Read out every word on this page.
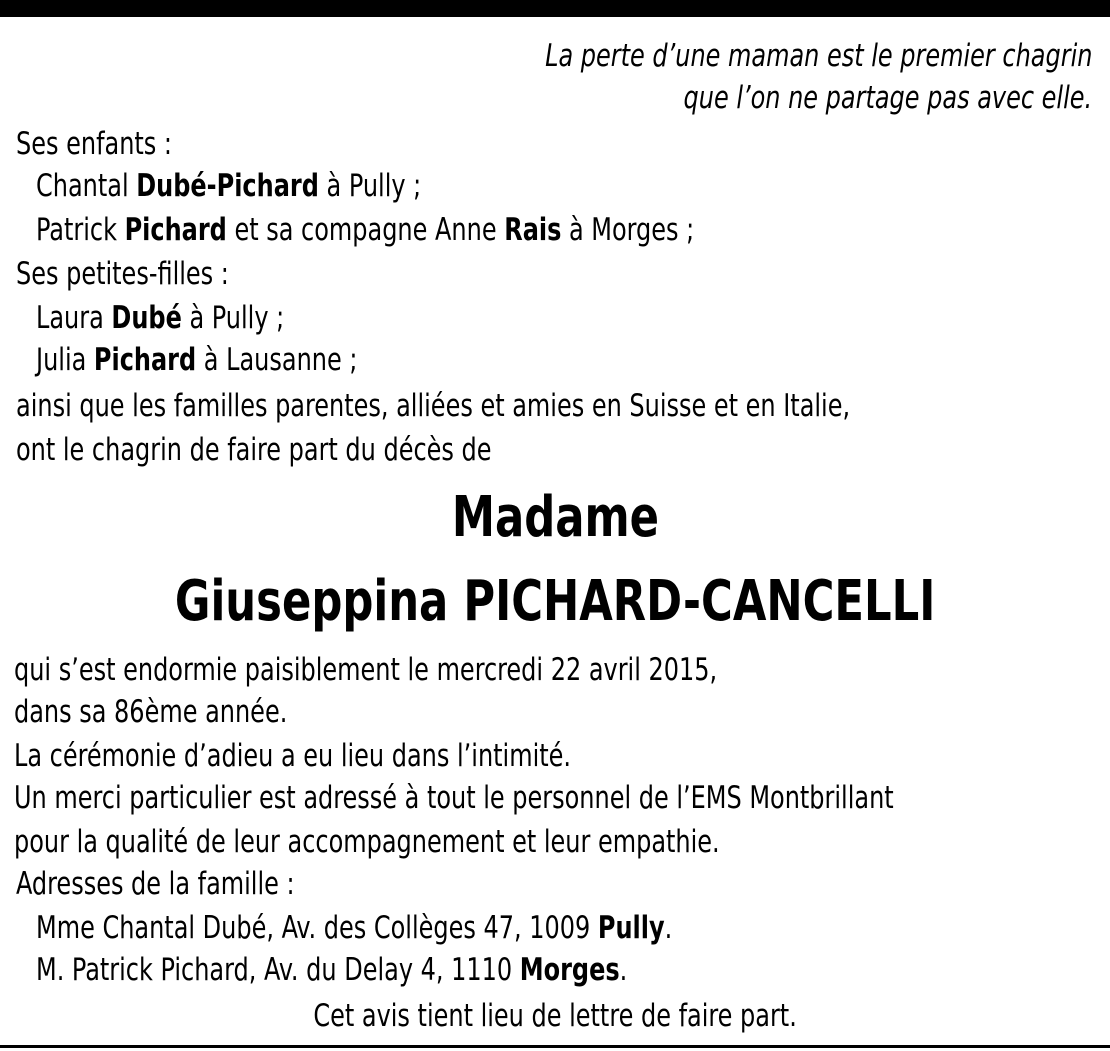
La perte d’une maman est le premier chagrin
que l’on ne partage pas avec elle.
Ses enfants :
Chantal Dubé-Pichard à Pully ;
Patrick Pichard et sa compagne Anne Rais à Morges ;
Ses petites-filles :
Laura Dubé à Pully ;
Julia Pichard à Lausanne ;
ainsi que les familles parentes, alliées et amies en Suisse et en Italie,
ont le chagrin de faire part du décès de
Madame
Giuseppina PICHARD-CANCELLI
qui s’est endormie paisiblement le mercredi 22 avril 2015,
dans sa 86ème année.
La cérémonie d’adieu a eu lieu dans l’intimité.
Un merci particulier est adressé à tout le personnel de l’EMS Montbrillant
pour la qualité de leur accompagnement et leur empathie.
Adresses de la famille :
Mme Chantal Dubé, Av. des Collèges 47, 1009 Pully.
M. Patrick Pichard, Av. du Delay 4, 1110 Morges.
Cet avis tient lieu de lettre de faire part.
